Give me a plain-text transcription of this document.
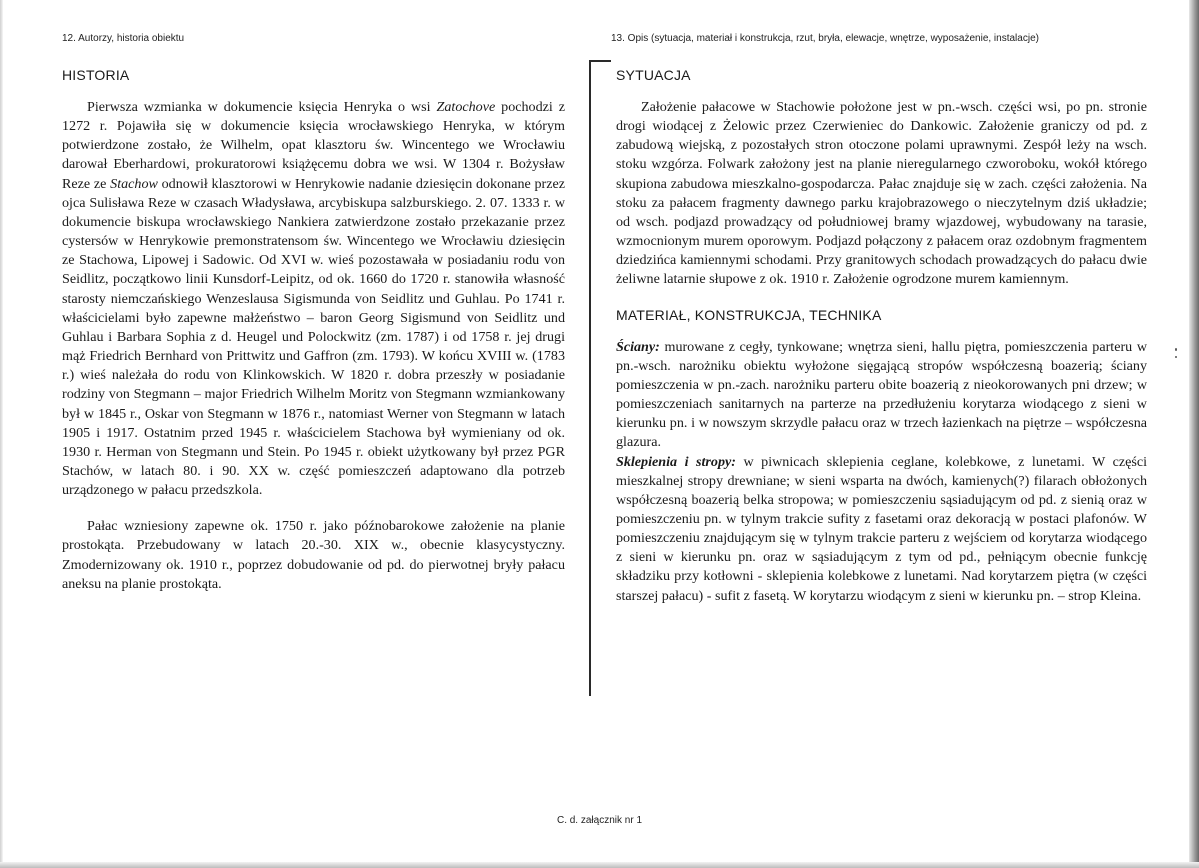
12. Autorzy, historia obiektu	13. Opis (sytuacja, materiał i konstrukcja, rzut, bryła, elewacje, wnętrze, wyposażenie, instalacje)
HISTORIA

Pierwsza wzmianka w dokumencie księcia Henryka o wsi Zatochove pochodzi z 1272 r. Pojawiła się w dokumencie księcia wrocławskiego Henryka, w którym potwierdzone zostało, że Wilhelm, opat klasztoru św. Wincentego we Wrocławiu darował Eberhardowi, prokuratorowi książęcemu dobra we wsi. W 1304 r. Bożysław Reze ze Stachow odnowił klasztorowi w Henrykowie nadanie dziesięcin dokonane przez ojca Sulisława Reze w czasach Władysława, arcybiskupa salzburskiego. 2. 07. 1333 r. w dokumencie biskupa wrocławskiego Nankiera zatwierdzone zostało przekazanie przez cystersów w Henrykowie premonstratensom św. Wincentego we Wrocławiu dziesięcin ze Stachowa, Lipowej i Sadowic. Od XVI w. wieś pozostawała w posiadaniu rodu von Seidlitz, początkowo linii Kunsdorf-Leipitz, od ok. 1660 do 1720 r. stanowiła własność starosty niemczańskiego Wenzeslausa Sigismunda von Seidlitz und Guhlau. Po 1741 r. właścicielami było zapewne małżeństwo – baron Georg Sigismund von Seidlitz und Guhlau i Barbara Sophia z d. Heugel und Polockwitz (zm. 1787) i od 1758 r. jej drugi mąż Friedrich Bernhard von Prittwitz und Gaffron (zm. 1793). W końcu XVIII w. (1783 r.) wieś należała do rodu von Klinkowskich. W 1820 r. dobra przeszły w posiadanie rodziny von Stegmann – major Friedrich Wilhelm Moritz von Stegmann wzmiankowany był w 1845 r., Oskar von Stegmann w 1876 r., natomiast Werner von Stegmann w latach 1905 i 1917. Ostatnim przed 1945 r. właścicielem Stachowa był wymieniany od ok. 1930 r. Herman von Stegmann und Stein. Po 1945 r. obiekt użytkowany był przez PGR Stachów, w latach 80. i 90. XX w. część pomieszczeń adaptowano dla potrzeb urządzonego w pałacu przedszkola.

Pałac wzniesiony zapewne ok. 1750 r. jako późnobarokowe założenie na planie prostokąta. Przebudowany w latach 20.-30. XIX w., obecnie klasycystyczny. Zmodernizowany ok. 1910 r., poprzez dobudowanie od pd. do pierwotnej bryły pałacu aneksu na planie prostokąta.

SYTUACJA

Założenie pałacowe w Stachowie położone jest w pn.-wsch. części wsi, po pn. stronie drogi wiodącej z Żelowic przez Czerwieniec do Dankowic. Założenie graniczy od pd. z zabudową wiejską, z pozostałych stron otoczone polami uprawnymi. Zespół leży na wsch. stoku wzgórza. Folwark założony jest na planie nieregularnego czworoboku, wokół którego skupiona zabudowa mieszkalno-gospodarcza. Pałac znajduje się w zach. części założenia. Na stoku za pałacem fragmenty dawnego parku krajobrazowego o nieczytelnym dziś układzie; od wsch. podjazd prowadzący od południowej bramy wjazdowej, wybudowany na tarasie, wzmocnionym murem oporowym. Podjazd połączony z pałacem oraz ozdobnym fragmentem dziedzińca kamiennymi schodami. Przy granitowych schodach prowadzących do pałacu dwie żeliwne latarnie słupowe z ok. 1910 r. Założenie ogrodzone murem kamiennym.

MATERIAŁ, KONSTRUKCJA, TECHNIKA

Ściany: murowane z cegły, tynkowane; wnętrza sieni, hallu piętra, pomieszczenia parteru w pn.-wsch. narożniku obiektu wyłożone sięgającą stropów współczesną boazerią; ściany pomieszczenia w pn.-zach. narożniku parteru obite boazerią z nieokorowanych pni drzew; w pomieszczeniach sanitarnych na parterze na przedłużeniu korytarza wiodącego z sieni w kierunku pn. i w nowszym skrzydle pałacu oraz w trzech łazienkach na piętrze – współczesna glazura.

Sklepienia i stropy: w piwnicach sklepienia ceglane, kolebkowe, z lunetami. W części mieszkalnej stropy drewniane; w sieni wsparta na dwóch, kamienych(?) filarach obłożonych współczesną boazerią belka stropowa; w pomieszczeniu sąsiadującym od pd. z sienią oraz w pomieszczeniu pn. w tylnym trakcie sufity z fasetami oraz dekoracją w postaci plafonów. W pomieszczeniu znajdującym się w tylnym trakcie parteru z wejściem od korytarza wiodącego z sieni w kierunku pn. oraz w sąsiadującym z tym od pd., pełniącym obecnie funkcję składziku przy kotłowni - sklepienia kolebkowe z lunetami. Nad korytarzem piętra (w części starszej pałacu) - sufit z fasetą. W korytarzu wiodącym z sieni w kierunku pn. – strop Kleina.

C. d. załącznik nr 1
